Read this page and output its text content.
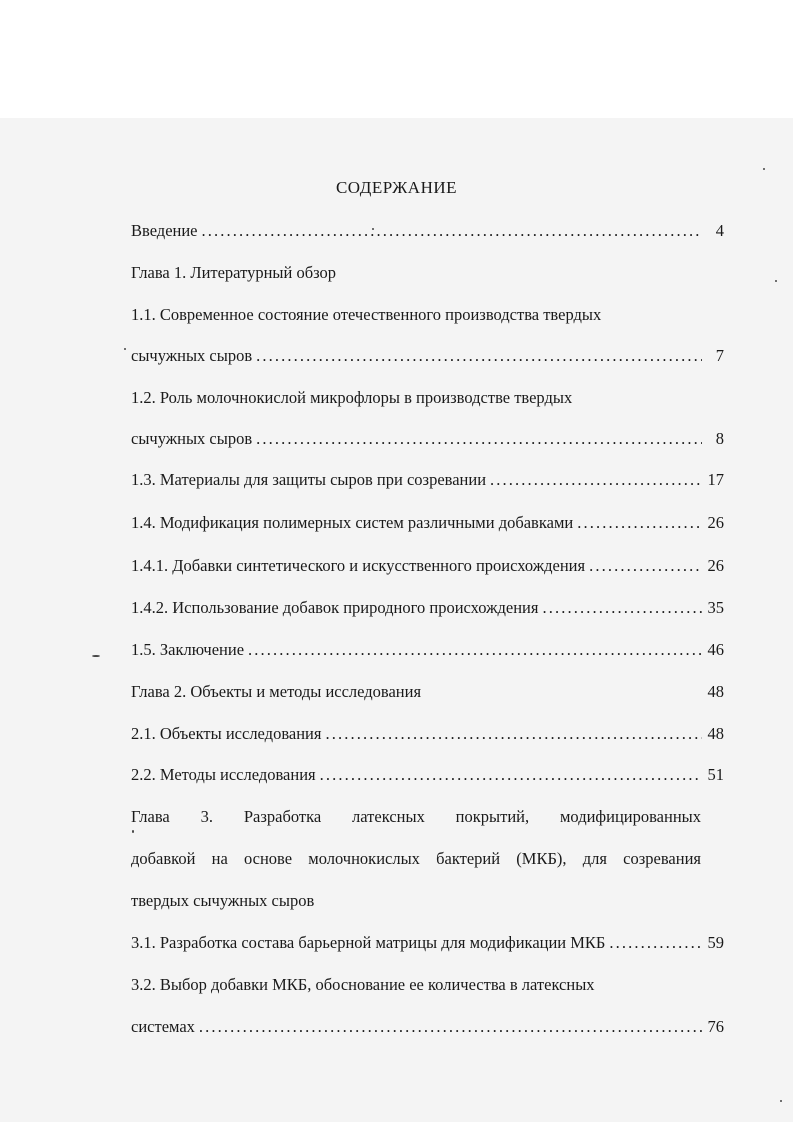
СОДЕРЖАНИЕ
Введение . . .	4
Глава 1. Литературный обзор
1.1. Современное состояние отечественного производства твердых
сычужных сыров . . .	7
1.2. Роль молочнокислой микрофлоры в производстве твердых
сычужных сыров . . .	8
1.3. Материалы для защиты сыров при созревании . . .	17
1.4. Модификация полимерных систем различными добавками . . .	26
1.4.1. Добавки синтетического и искусственного происхождения . . .	26
1.4.2. Использование добавок природного происхождения . . .	35
1.5. Заключение . . .	46
Глава 2. Объекты и методы исследования	48
2.1. Объекты исследования . . .	48
2.2. Методы исследования . . .	51
Глава 3. Разработка латексных покрытий, модифицированных
добавкой на основе молочнокислых бактерий (МКБ), для созревания
твердых сычужных сыров
3.1. Разработка состава барьерной матрицы для модификации МКБ . . .	59
3.2. Выбор добавки МКБ, обоснование ее количества в латексных
системах . . .	76
